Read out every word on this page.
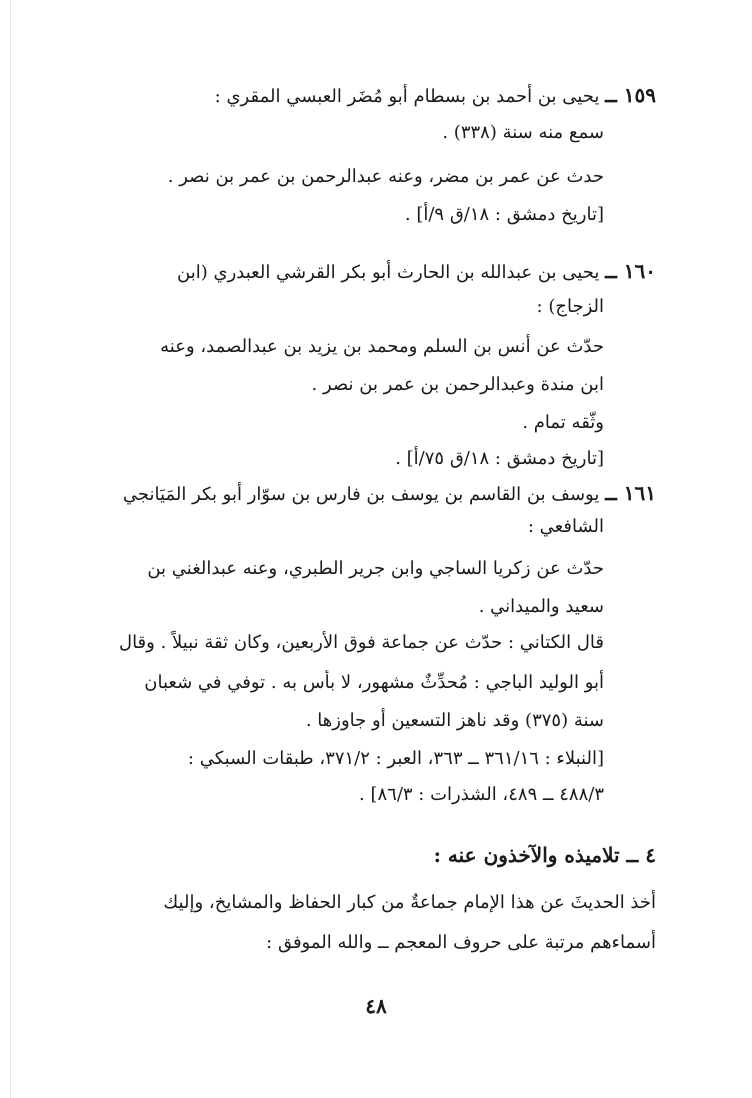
١٥٩ ــ يحيى بن أحمد بن بسطام أبو مُضَر العبسي المقري :
سمع منه سنة (٣٣٨) .
حدث عن عمر بن مضر، وعنه عبدالرحمن بن عمر بن نصر .
[تاريخ دمشق : ١٨/ق ٩/أ] .
١٦٠ ــ يحيى بن عبدالله بن الحارث أبو بكر القرشي العبدري (ابن
الزجاج) :
حدّث عن أنس بن السلم ومحمد بن يزيد بن عبدالصمد، وعنه
ابن مندة وعبدالرحمن بن عمر بن نصر .
وثّقه تمام .
[تاريخ دمشق : ١٨/ق ٧٥/أ] .
١٦١ ــ يوسف بن القاسم بن يوسف بن فارس بن سوّار أبو بكر المَيَانجي
الشافعي :
حدّث عن زكريا الساجي وابن جرير الطبري، وعنه عبدالغني بن
سعيد والميداني .
قال الكتاني : حدّث عن جماعة فوق الأربعين، وكان ثقة نبيلاً . وقال
أبو الوليد الباجي : مُحدِّثٌ مشهور، لا بأس به . توفي في شعبان
سنة (٣٧٥) وقد ناهز التسعين أو جاوزها .
[النبلاء : ٣٦١/١٦ ــ ٣٦٣، العبر : ٣٧١/٢، طبقات السبكي :
٤٨٨/٣ ــ ٤٨٩، الشذرات : ٨٦/٣] .
٤ ــ تلاميذه والآخذون عنه :
أخذ الحديثَ عن هذا الإمام جماعةٌ من كبار الحفاظ والمشايخ، وإليك
أسماءهم مرتبة على حروف المعجم ــ والله الموفق :
٤٨
